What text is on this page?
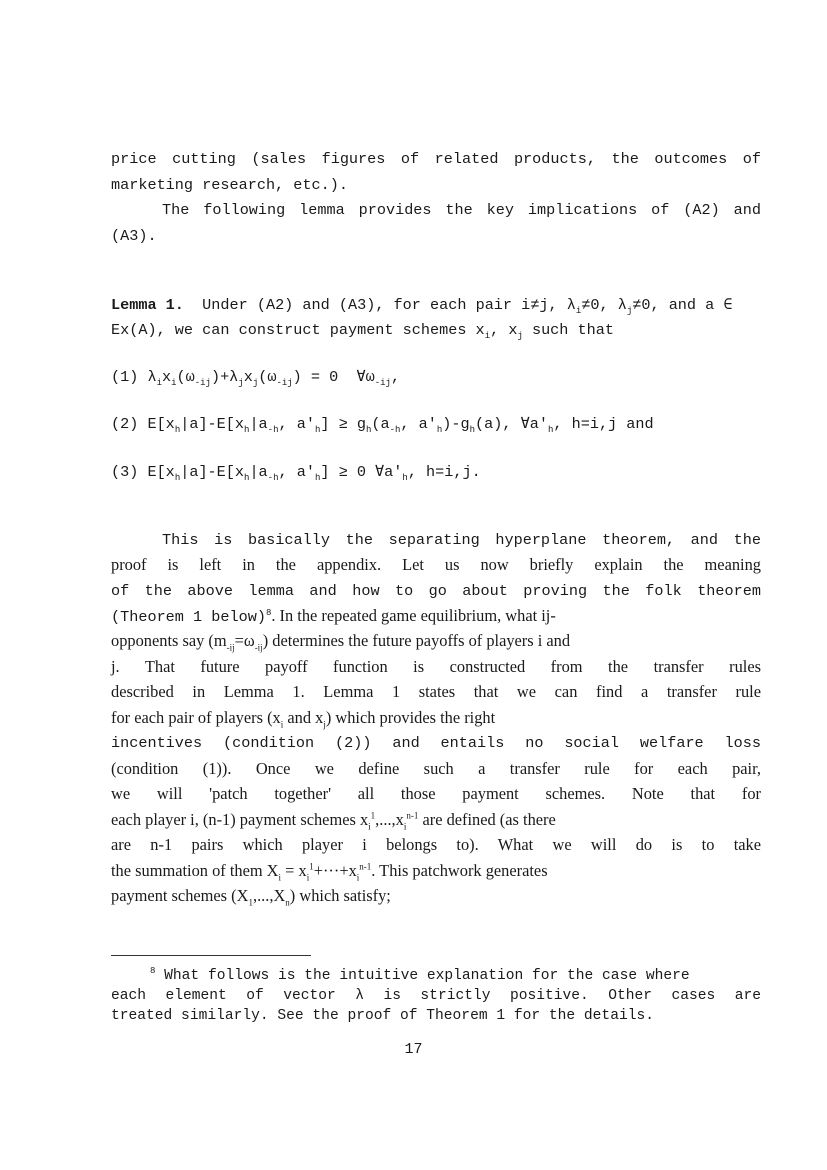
price cutting (sales figures of related products, the outcomes of
marketing research, etc.).
The following lemma provides the key implications of (A2) and
(A3).
Lemma 1. Under (A2) and (A3), for each pair i≠j, $\lambda_i\ne 0$, $\lambda_j\ne 0$, and a ∈
Ex(A), we can construct payment schemes $x_i$, $x_j$ such that
(1) $\lambda_ix_i(\omega_{-ij})+\lambda_jx_j(\omega_{-ij}) = 0$  $\forall\omega_{-ij}$,
(2) $E[x_h|a]-E[x_h|a_{-h}$, $a'_h] \ge g_h(a_{-h}$, $a'_h)-g_h(a)$, $\forall a'_h$, h=i,j and
(3) $E[x_h|a]-E[x_h|a_{-h}$, $a'_h] \ge 0$ $\forall a'_h$, h=i,j.
This is basically the separating hyperplane theorem, and the
proof is left in the appendix. Let us now briefly explain the meaning
of the above lemma and how to go about proving the folk theorem
(Theorem 1 below)$^8$. In the repeated game equilibrium, what ij-
opponents say $(m_{-ij}=\omega_{-ij})$ determines the future payoffs of players i and
j. That future payoff function is constructed from the transfer rules
described in Lemma 1. Lemma 1 states that we can find a transfer rule
for each pair of players ($x_i$ and $x_j$) which provides the right
incentives (condition (2)) and entails no social welfare loss
(condition (1)). Once we define such a transfer rule for each pair,
we will 'patch together' all those payment schemes. Note that for
each player i, (n-1) payment schemes $x_i^1,...,x_i^{n-1}$ are defined (as there
are n-1 pairs which player i belongs to). What we will do is to take
the summation of them $X_i = x_i^1+\cdot\cdot\cdot+x_i^{n-1}$. This patchwork generates
payment schemes $(X_1,...,X_n)$ which satisfy;
$^8$ What follows is the intuitive explanation for the case where
each element of vector λ is strictly positive. Other cases are
treated similarly. See the proof of Theorem 1 for the details.
17
